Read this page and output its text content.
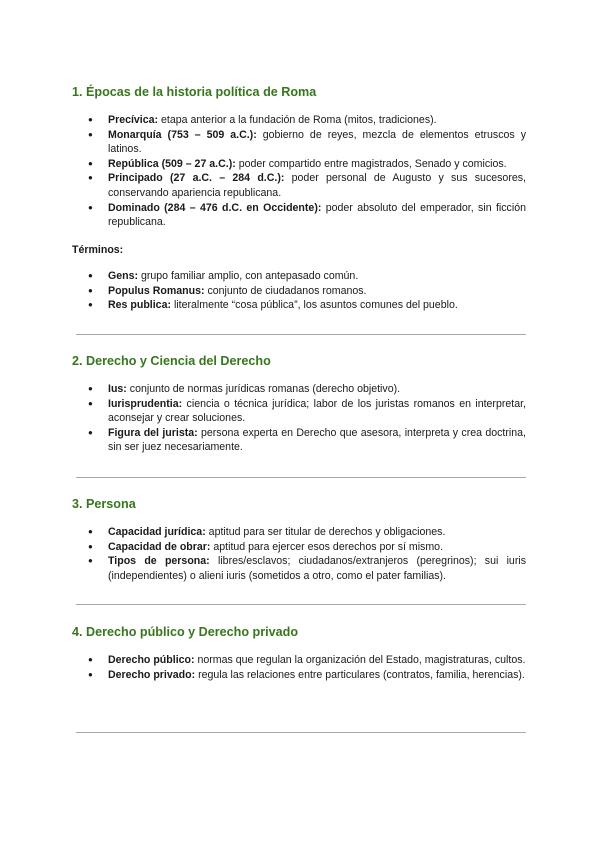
1. Épocas de la historia política de Roma
● Precívica: etapa anterior a la fundación de Roma (mitos, tradiciones).
● Monarquía (753 – 509 a.C.): gobierno de reyes, mezcla de elementos etruscos y latinos.
● República (509 – 27 a.C.): poder compartido entre magistrados, Senado y comicios.
● Principado (27 a.C. – 284 d.C.): poder personal de Augusto y sus sucesores, conservando apariencia republicana.
● Dominado (284 – 476 d.C. en Occidente): poder absoluto del emperador, sin ficción republicana.

Términos:

● Gens: grupo familiar amplio, con antepasado común.
● Populus Romanus: conjunto de ciudadanos romanos.
● Res publica: literalmente “cosa pública”, los asuntos comunes del pueblo.
2. Derecho y Ciencia del Derecho
● Ius: conjunto de normas jurídicas romanas (derecho objetivo).
● Iurisprudentia: ciencia o técnica jurídica; labor de los juristas romanos en interpretar, aconsejar y crear soluciones.
● Figura del jurista: persona experta en Derecho que asesora, interpreta y crea doctrina, sin ser juez necesariamente.
3. Persona
● Capacidad jurídica: aptitud para ser titular de derechos y obligaciones.
● Capacidad de obrar: aptitud para ejercer esos derechos por sí mismo.
● Tipos de persona: libres/esclavos; ciudadanos/extranjeros (peregrinos); sui iuris (independientes) o alieni iuris (sometidos a otro, como el pater familias).
4. Derecho público y Derecho privado
● Derecho público: normas que regulan la organización del Estado, magistraturas, cultos.
● Derecho privado: regula las relaciones entre particulares (contratos, familia, herencias).
